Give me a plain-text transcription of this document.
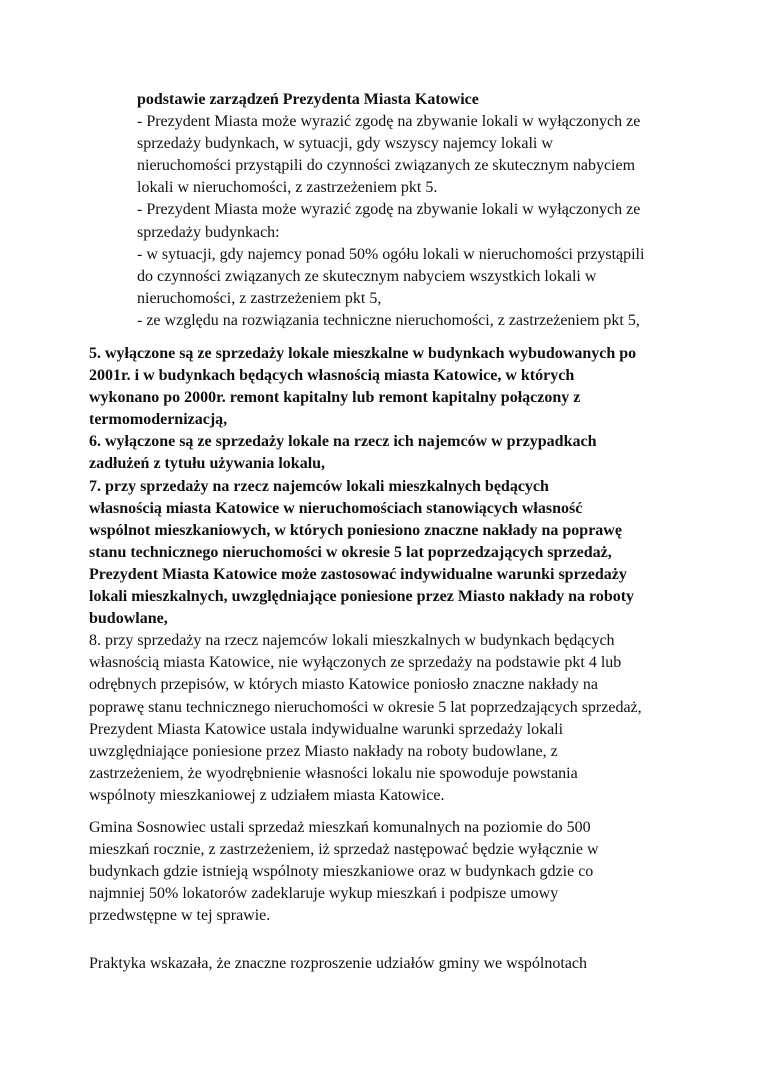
podstawie zarządzeń Prezydenta Miasta Katowice
- Prezydent Miasta może wyrazić zgodę na zbywanie lokali w wyłączonych ze
sprzedaży budynkach, w sytuacji, gdy wszyscy najemcy lokali w
nieruchomości przystąpili do czynności związanych ze skutecznym nabyciem
lokali w nieruchomości, z zastrzeżeniem pkt 5.
- Prezydent Miasta może wyrazić zgodę na zbywanie lokali w wyłączonych ze
sprzedaży budynkach:
- w sytuacji, gdy najemcy ponad 50% ogółu lokali w nieruchomości przystąpili
do czynności związanych ze skutecznym nabyciem wszystkich lokali w
nieruchomości, z zastrzeżeniem pkt 5,
- ze względu na rozwiązania techniczne nieruchomości, z zastrzeżeniem pkt 5,
5. wyłączone są ze sprzedaży lokale mieszkalne w budynkach wybudowanych po
2001r. i w budynkach będących własnością miasta Katowice, w których
wykonano po 2000r. remont kapitalny lub remont kapitalny połączony z
termomodernizacją,
6. wyłączone są ze sprzedaży lokale na rzecz ich najemców w przypadkach
zadłużeń z tytułu używania lokalu,
7. przy sprzedaży na rzecz najemców lokali mieszkalnych będących
własnością miasta Katowice w nieruchomościach stanowiących własność
wspólnot mieszkaniowych, w których poniesiono znaczne nakłady na poprawę
stanu technicznego nieruchomości w okresie 5 lat poprzedzających sprzedaż,
Prezydent Miasta Katowice może zastosować indywidualne warunki sprzedaży
lokali mieszkalnych, uwzględniające poniesione przez Miasto nakłady na roboty
budowlane,
8. przy sprzedaży na rzecz najemców lokali mieszkalnych w budynkach będących
własnością miasta Katowice, nie wyłączonych ze sprzedaży na podstawie pkt 4 lub
odrębnych przepisów, w których miasto Katowice poniosło znaczne nakłady na
poprawę stanu technicznego nieruchomości w okresie 5 lat poprzedzających sprzedaż,
Prezydent Miasta Katowice ustala indywidualne warunki sprzedaży lokali
uwzględniające poniesione przez Miasto nakłady na roboty budowlane, z
zastrzeżeniem, że wyodrębnienie własności lokalu nie spowoduje powstania
wspólnoty mieszkaniowej z udziałem miasta Katowice.
Gmina Sosnowiec ustali sprzedaż mieszkań komunalnych na poziomie do 500
mieszkań rocznie, z zastrzeżeniem, iż sprzedaż następować będzie wyłącznie w
budynkach gdzie istnieją wspólnoty mieszkaniowe oraz w budynkach gdzie co
najmniej 50% lokatorów zadeklaruje wykup mieszkań i podpisze umowy
przedwstępne w tej sprawie.
Praktyka wskazała, że znaczne rozproszenie udziałów gminy we wspólnotach
